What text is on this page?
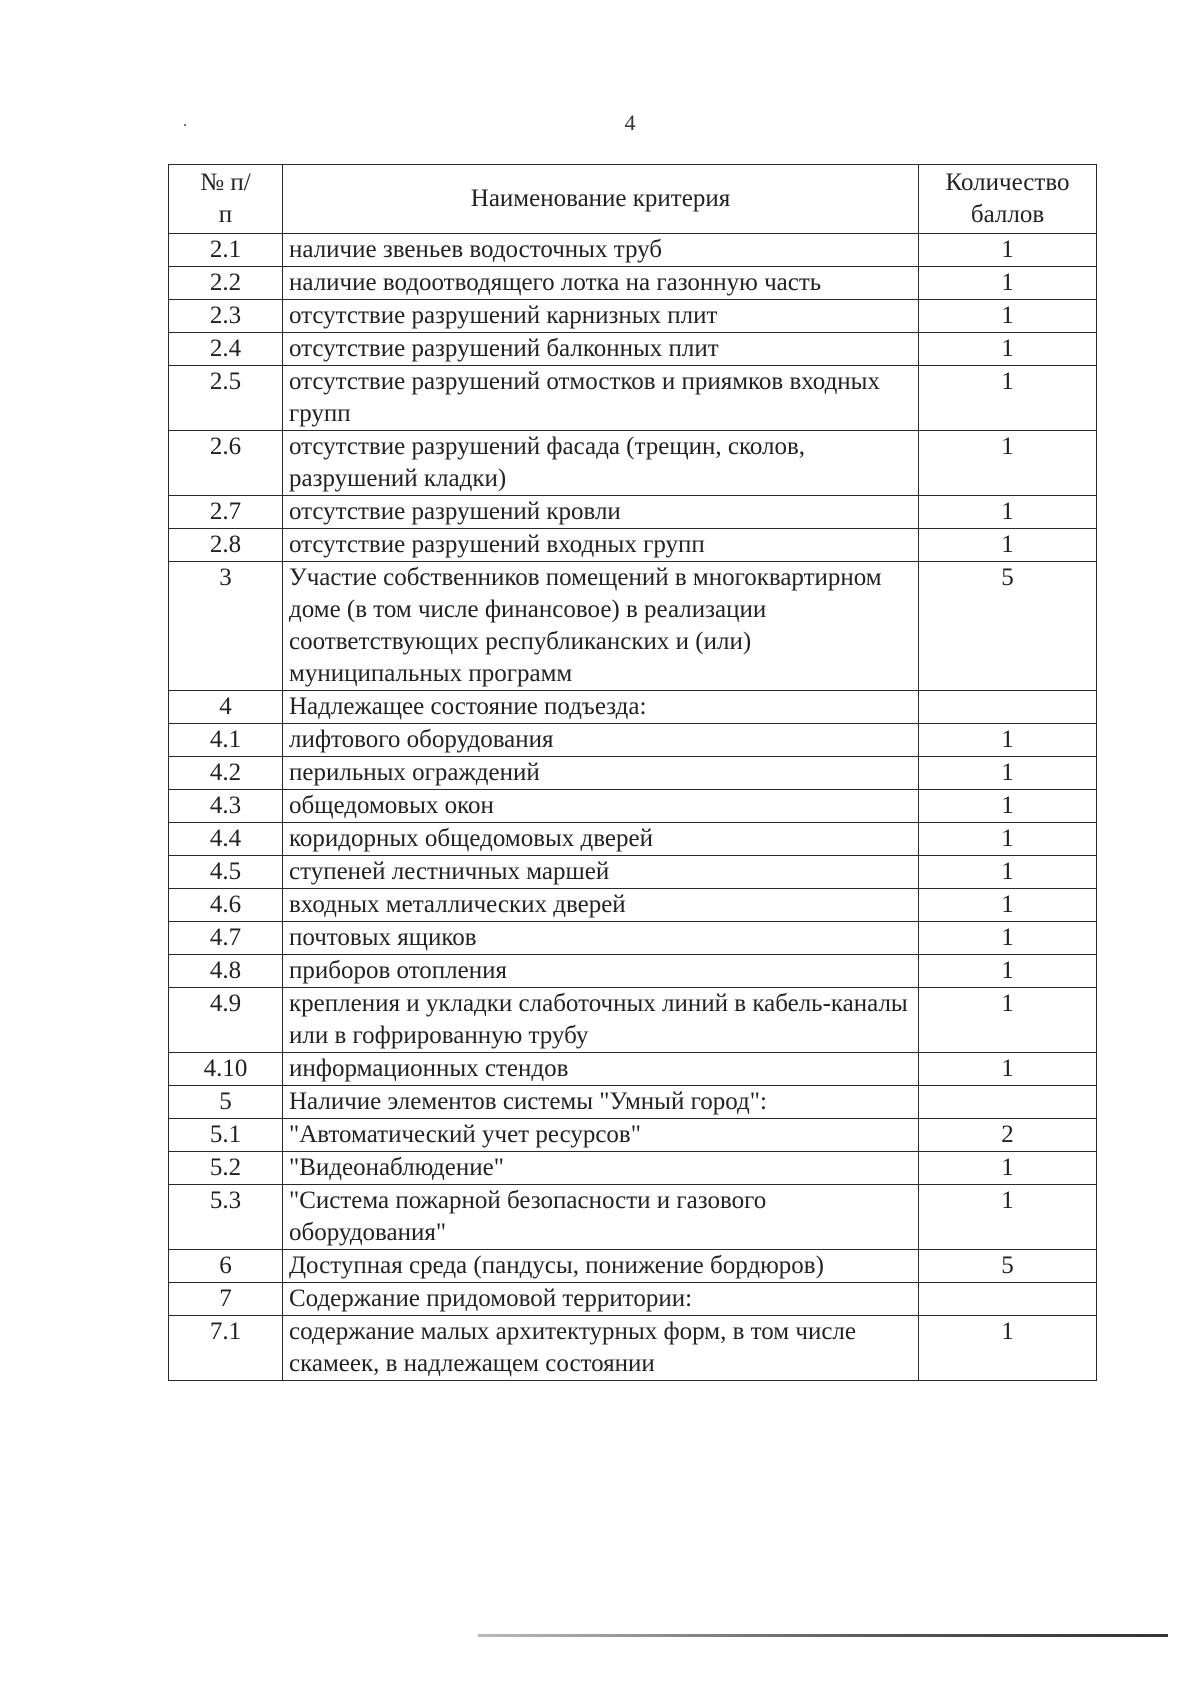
4
№ п/п	Наименование критерия	Количество баллов
2.1	наличие звеньев водосточных труб	1
2.2	наличие водоотводящего лотка на газонную часть	1
2.3	отсутствие разрушений карнизных плит	1
2.4	отсутствие разрушений балконных плит	1
2.5	отсутствие разрушений отмостков и приямков входных групп	1
2.6	отсутствие разрушений фасада (трещин, сколов, разрушений кладки)	1
2.7	отсутствие разрушений кровли	1
2.8	отсутствие разрушений входных групп	1
3	Участие собственников помещений в многоквартирном доме (в том числе финансовое) в реализации соответствующих республиканских и (или) муниципальных программ	5
4	Надлежащее состояние подъезда:	
4.1	лифтового оборудования	1
4.2	перильных ограждений	1
4.3	общедомовых окон	1
4.4	коридорных общедомовых дверей	1
4.5	ступеней лестничных маршей	1
4.6	входных металлических дверей	1
4.7	почтовых ящиков	1
4.8	приборов отопления	1
4.9	крепления и укладки слаботочных линий в кабель-каналы или в гофрированную трубу	1
4.10	информационных стендов	1
5	Наличие элементов системы "Умный город":	
5.1	"Автоматический учет ресурсов"	2
5.2	"Видеонаблюдение"	1
5.3	"Система пожарной безопасности и газового оборудования"	1
6	Доступная среда (пандусы, понижение бордюров)	5
7	Содержание придомовой территории:	
7.1	содержание малых архитектурных форм, в том числе скамеек, в надлежащем состоянии	1
